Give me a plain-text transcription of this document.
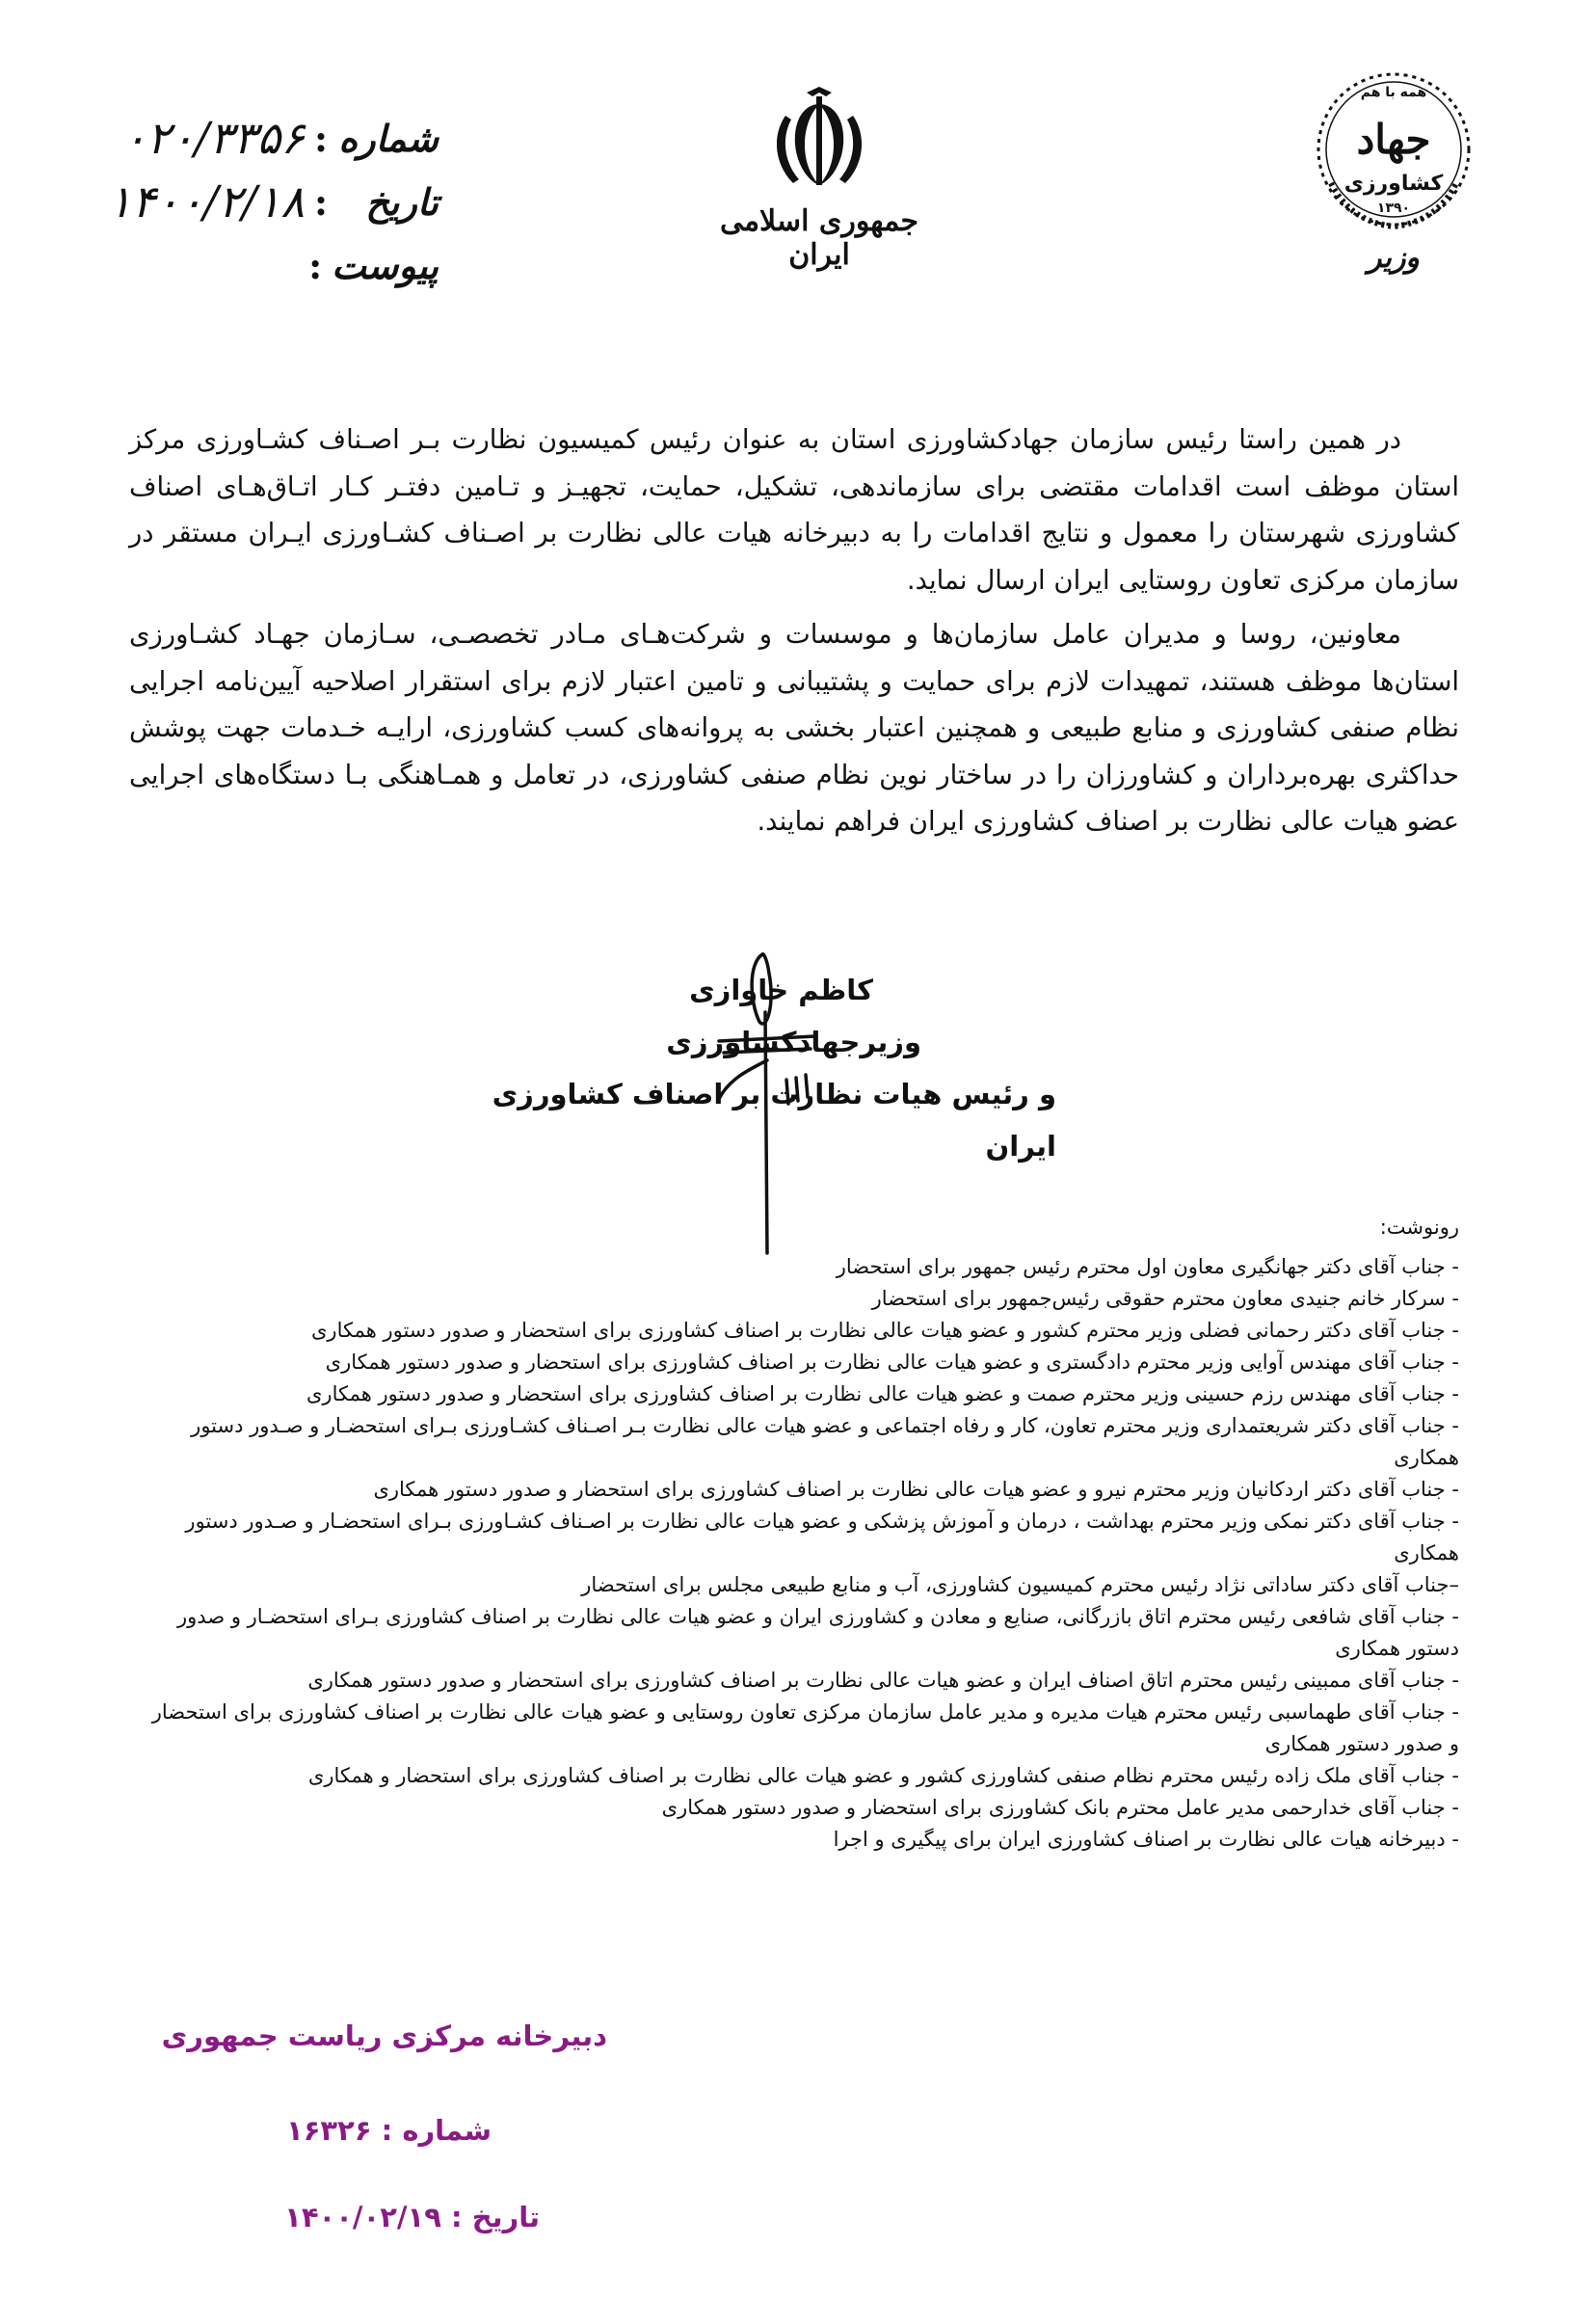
همه با هم
جهاد
کشاورزی
۱۳۹۰
وزیر
جمهوری اسلامی ایران
شماره
:
۰۲۰/۳۳۵۶
تاریخ
:
۱۴۰۰/۲/۱۸
پیوست
:

در همین راستا رئیس سازمان جهادکشاورزی استان به عنوان رئیس کمیسیون نظارت بـر اصـناف کشـاورزی مرکز استان موظف است اقدامات مقتضی برای سازماندهی، تشکیل، حمایت، تجهیـز و تـامین دفتـر کـار اتـاق‌هـای اصناف کشاورزی شهرستان را معمول و نتایج اقدامات را به دبیرخانه هیات عالی نظارت بر اصـناف کشـاورزی ایـران مستقر در سازمان مرکزی تعاون روستایی ایران ارسال نماید.

معاونین، روسا و مدیران عامل سازمان‌ها و موسسات و شرکت‌هـای مـادر تخصصـی، سـازمان جهـاد کشـاورزی استان‌ها موظف هستند، تمهیدات لازم برای حمایت و پشتیبانی و تامین اعتبار لازم برای استقرار اصلاحیه آیین‌نامه اجرایی نظام صنفی کشاورزی و منابع طبیعی و همچنین اعتبار بخشی به پروانه‌های کسب کشاورزی، ارایـه خـدمات جهت پوشش حداکثری بهره‌برداران و کشاورزان را در ساختار نوین نظام صنفی کشاورزی، در تعامل و همـاهنگی بـا دستگاه‌های اجرایی عضو هیات عالی نظارت بر اصناف کشاورزی ایران فراهم نمایند.

کاظم خاوازی
وزیرجهادکشاورزی
و رئیس هیات نظارت بر اصناف کشاورزی ایران
رونوشت:
- جناب آقای دکتر جهانگیری معاون اول محترم رئیس جمهور برای استحضار
- سرکار خانم جنیدی معاون محترم حقوقی رئیس‌جمهور برای استحضار
- جناب آقای دکتر رحمانی فضلی وزیر محترم کشور و عضو هیات عالی نظارت بر اصناف کشاورزی برای استحضار و صدور دستور همکاری
- جناب آقای مهندس آوایی وزیر محترم دادگستری و عضو هیات عالی نظارت بر اصناف کشاورزی برای استحضار و صدور دستور همکاری
- جناب آقای مهندس رزم حسینی وزیر محترم صمت و عضو هیات عالی نظارت بر اصناف کشاورزی برای استحضار و صدور دستور همکاری
- جناب آقای دکتر شریعتمداری وزیر محترم تعاون، کار و رفاه اجتماعی و عضو هیات عالی نظارت بـر اصـناف کشـاورزی بـرای استحضـار و صـدور دستور همکاری
- جناب آقای دکتر اردکانیان وزیر محترم نیرو و عضو هیات عالی نظارت بر اصناف کشاورزی برای استحضار و صدور دستور همکاری
- جناب آقای دکتر نمکی وزیر محترم بهداشت ، درمان و آموزش پزشکی و عضو هیات عالی نظارت بر اصـناف کشـاورزی بـرای استحضـار و صـدور دستور همکاری
–جناب آقای دکتر ساداتی نژاد رئیس محترم کمیسیون کشاورزی، آب و منابع طبیعی مجلس برای استحضار
- جناب آقای شافعی رئیس محترم اتاق بازرگانی، صنایع و معادن و کشاورزی ایران و عضو هیات عالی نظارت بر اصناف کشاورزی بـرای استحضـار و صدور دستور همکاری
- جناب آقای ممبینی رئیس محترم اتاق اصناف ایران و عضو هیات عالی نظارت بر اصناف کشاورزی برای استحضار و صدور دستور همکاری
- جناب آقای طهماسبی رئیس محترم هیات مدیره و مدیر عامل سازمان مرکزی تعاون روستایی و عضو هیات عالی نظارت بر اصناف کشاورزی برای استحضار و صدور دستور همکاری
- جناب آقای ملک زاده رئیس محترم نظام صنفی کشاورزی کشور و عضو هیات عالی نظارت بر اصناف کشاورزی برای استحضار و همکاری
- جناب آقای خدارحمی مدیر عامل محترم بانک کشاورزی برای استحضار و صدور دستور همکاری
- دبیرخانه هیات عالی نظارت بر اصناف کشاورزی ایران برای پیگیری و اجرا
دبیرخانه مرکزی ریاست جمهوری
شماره : ۱۶۳۲۶
تاریخ : ۱۴۰۰/۰۲/۱۹
